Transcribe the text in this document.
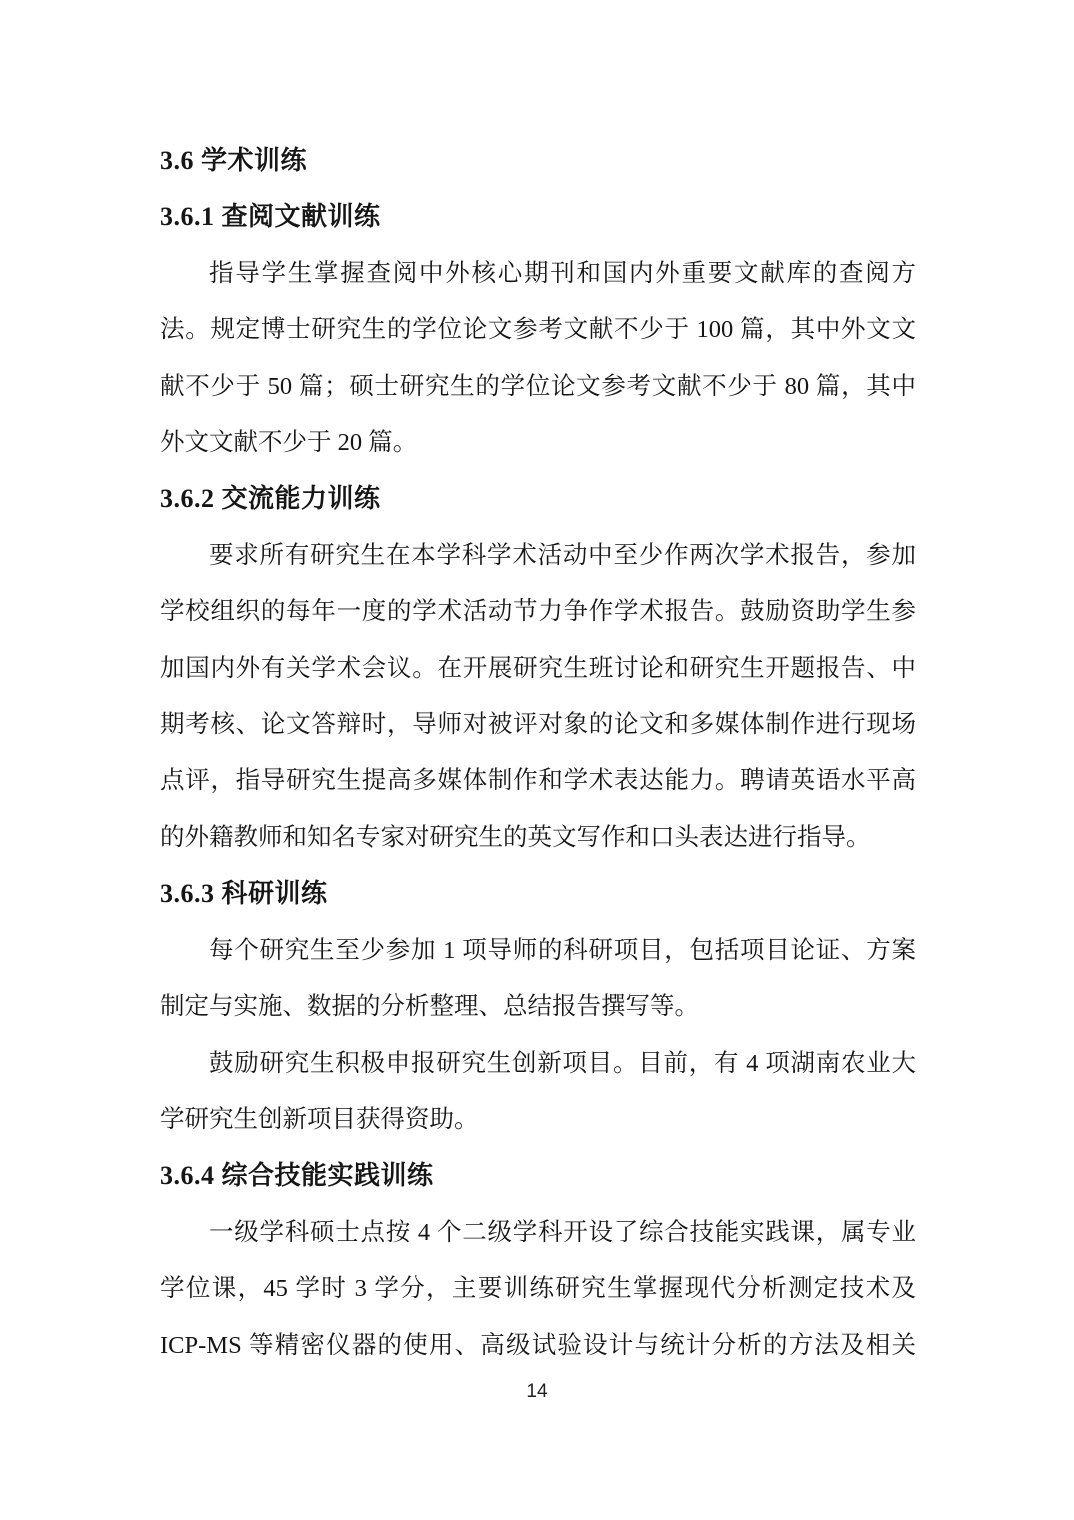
3.6 学术训练
3.6.1 查阅文献训练
指导学生掌握查阅中外核心期刊和国内外重要文献库的查阅方
法。规定博士研究生的学位论文参考文献不少于 100 篇，其中外文文
献不少于 50 篇；硕士研究生的学位论文参考文献不少于 80 篇，其中
外文文献不少于 20 篇。
3.6.2 交流能力训练
要求所有研究生在本学科学术活动中至少作两次学术报告，参加
学校组织的每年一度的学术活动节力争作学术报告。鼓励资助学生参
加国内外有关学术会议。在开展研究生班讨论和研究生开题报告、中
期考核、论文答辩时，导师对被评对象的论文和多媒体制作进行现场
点评，指导研究生提高多媒体制作和学术表达能力。聘请英语水平高
的外籍教师和知名专家对研究生的英文写作和口头表达进行指导。
3.6.3 科研训练
每个研究生至少参加 1 项导师的科研项目，包括项目论证、方案
制定与实施、数据的分析整理、总结报告撰写等。
鼓励研究生积极申报研究生创新项目。目前，有 4 项湖南农业大
学研究生创新项目获得资助。
3.6.4 综合技能实践训练
一级学科硕士点按 4 个二级学科开设了综合技能实践课，属专业
学位课，45 学时 3 学分，主要训练研究生掌握现代分析测定技术及
ICP-MS 等精密仪器的使用、高级试验设计与统计分析的方法及相关
14
